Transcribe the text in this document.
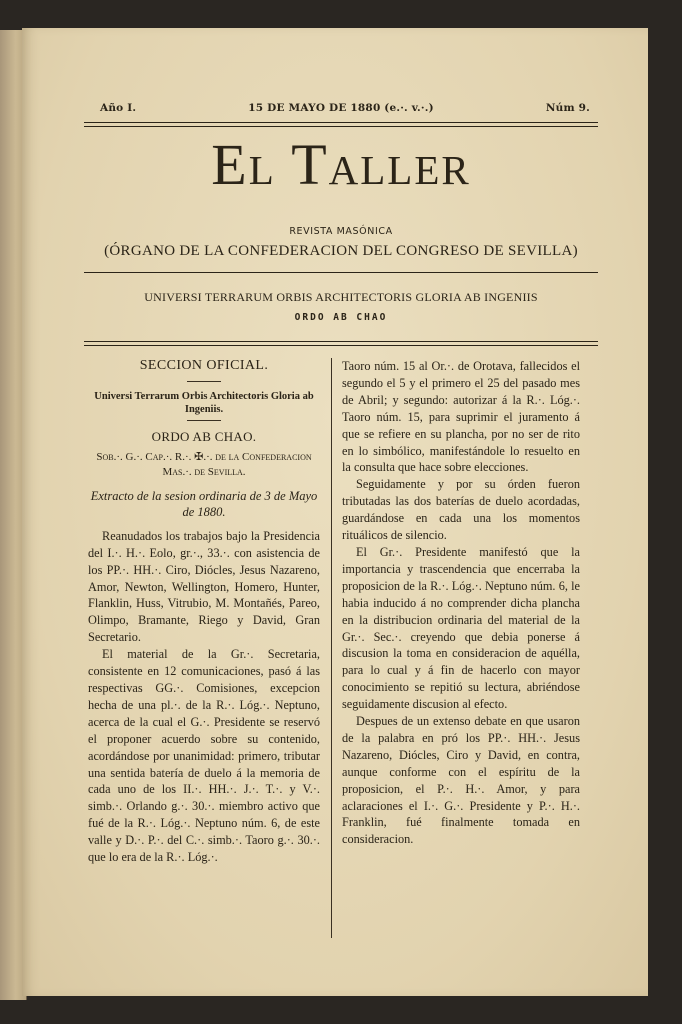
Año I.	15 DE MAYO DE 1880 (e.·. v.·.)	Núm 9.
El Taller
REVISTA MASÓNICA
(ÓRGANO DE LA CONFEDERACION DEL CONGRESO DE SEVILLA)
UNIVERSI TERRARUM ORBIS ARCHITECTORIS GLORIA AB INGENIIS
ORDO AB CHAO
SECCION OFICIAL.
Universi Terrarum Orbis Architectoris Gloria ab Ingeniis.
ORDO AB CHAO.
Sob.·. G.·. Cap.·. R.·. ✠.·. de la Confederacion Mas.·. de Sevilla.
Extracto de la sesion ordinaria de 3 de Mayo de 1880.

Reanudados los trabajos bajo la Presidencia del I.·. H.·. Eolo, gr.·., 33.·. con asistencia de los PP.·. HH.·. Ciro, Diócles, Jesus Nazareno, Amor, Newton, Wellington, Homero, Hunter, Flanklin, Huss, Vitrubio, M. Montañés, Pareo, Olimpo, Bramante, Riego y David, Gran Secretario.

El material de la Gr.·. Secretaria, consistente en 12 comunicaciones, pasó á las respectivas GG.·. Comisiones, excepcion hecha de una pl.·. de la R.·. Lóg.·. Neptuno, acerca de la cual el G.·. Presidente se reservó el proponer acuerdo sobre su contenido, acordándose por unanimidad: primero, tributar una sentida batería de duelo á la memoria de cada uno de los II.·. HH.·. J.·. T.·. y V.·. simb.·. Orlando g.·. 30.·. miembro activo que fué de la R.·. Lóg.·. Neptuno núm. 6, de este valle y D.·. P.·. del C.·. simb.·. Taoro g.·. 30.·. que lo era de la R.·. Lóg.·.

Taoro núm. 15 al Or.·. de Orotava, fallecidos el segundo el 5 y el primero el 25 del pasado mes de Abril; y segundo: autorizar á la R.·. Lóg.·. Taoro núm. 15, para suprimir el juramento á que se refiere en su plancha, por no ser de rito en lo simbólico, manifestándole lo resuelto en la consulta que hace sobre elecciones.

Seguidamente y por su órden fueron tributadas las dos baterías de duelo acordadas, guardándose en cada una los momentos rituálicos de silencio.

El Gr.·. Presidente manifestó que la importancia y trascendencia que encerraba la proposicion de la R.·. Lóg.·. Neptuno núm. 6, le habia inducido á no comprender dicha plancha en la distribucion ordinaria del material de la Gr.·. Sec.·. creyendo que debia ponerse á discusion la toma en consideracion de aquélla, para lo cual y á fin de hacerlo con mayor conocimiento se repitió su lectura, abriéndose seguidamente discusion al efecto.

Despues de un extenso debate en que usaron de la palabra en pró los PP.·. HH.·. Jesus Nazareno, Diócles, Ciro y David, en contra, aunque conforme con el espíritu de la proposicion, el P.·. H.·. Amor, y para aclaraciones el I.·. G.·. Presidente y P.·. H.·. Franklin, fué finalmente tomada en consideracion.
